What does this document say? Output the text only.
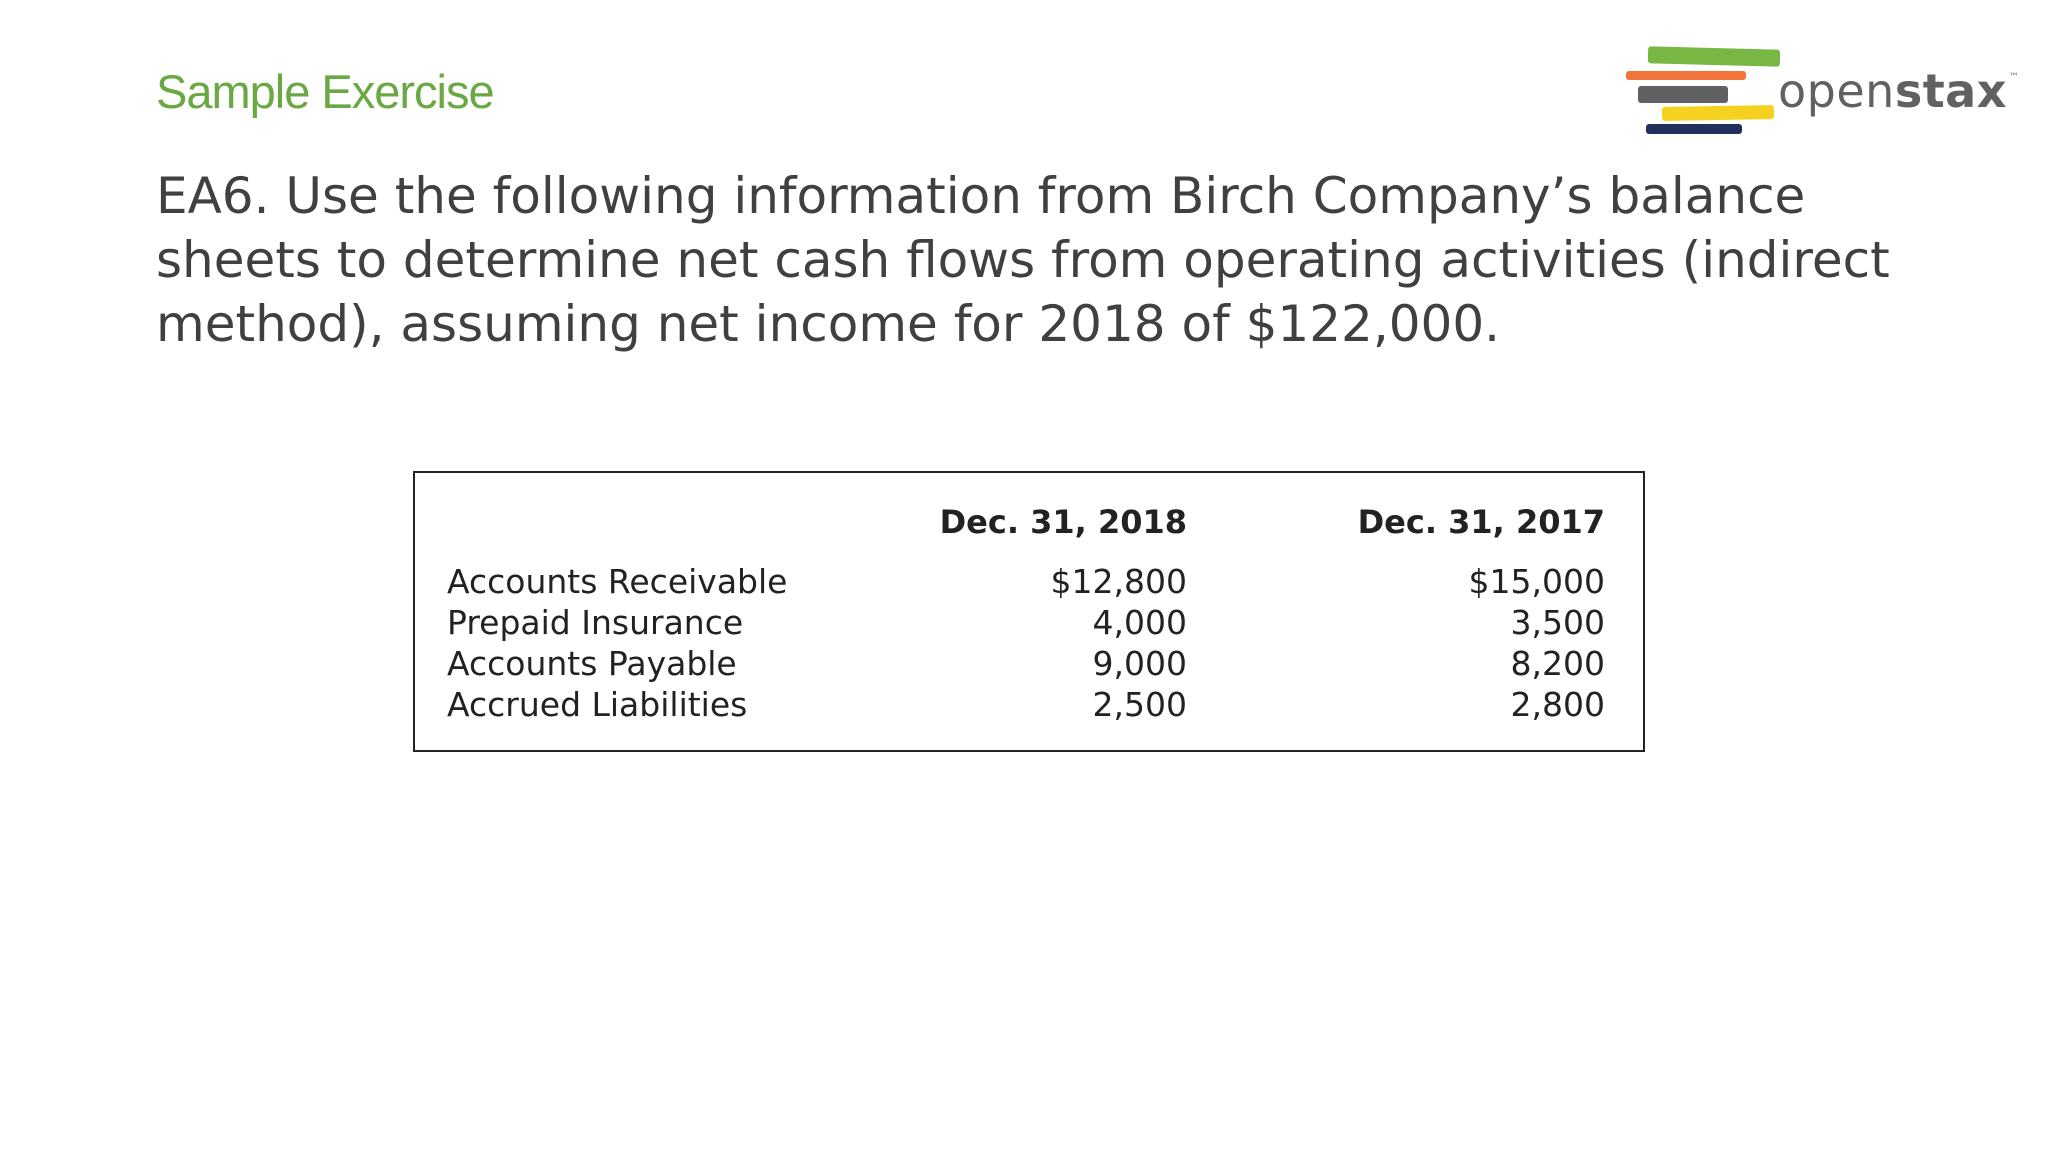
Sample Exercise	openstax ™

EA6. Use the following information from Birch Company’s balance
sheets to determine net cash flows from operating activities (indirect
method), assuming net income for 2018 of $122,000.

	Dec. 31, 2018	Dec. 31, 2017
Accounts Receivable	$12,800	$15,000
Prepaid Insurance	4,000	3,500
Accounts Payable	9,000	8,200
Accrued Liabilities	2,500	2,800
